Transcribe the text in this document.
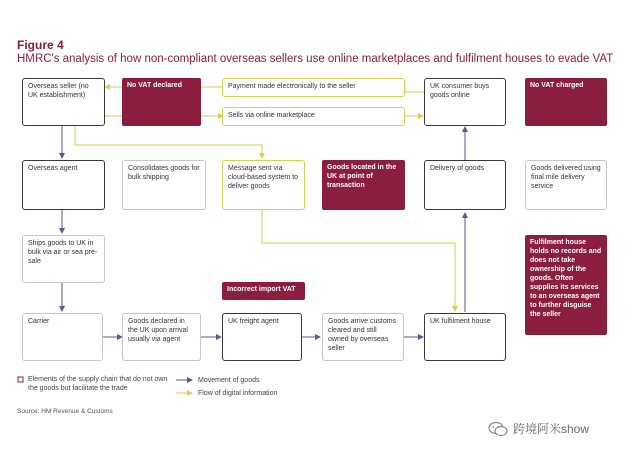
Figure 4
HMRC's analysis of how non-compliant overseas sellers use online marketplaces and fulfilment houses to evade VAT
Overseas seller (no UK establishment)
No VAT declared	Payment made electronically to the seller
Sells via online marketplace
UK consumer buys goods online
No VAT charged
Overseas agent	Consolidates goods for bulk shipping
Message sent via cloud-based system to deliver goods
Goods located in the UK at point of transaction
Delivery of goods	Goods delivered using final mile delivery service
Ships goods to UK in bulk via air or sea pre-sale
Fulfilment house holds no records and does not take ownership of the goods. Often supplies its services to an overseas agent to further disguise the seller
Incorrect import VAT
Carrier	Goods declared in the UK upon arrival usually via agent
UK freight agent	Goods arrive customs cleared and still owned by overseas seller
UK fulfilment house
Elements of the supply chain that do not own the goods but facilitate the trade
Movement of goods
Flow of digital information
Source: HM Revenue & Customs
跨境阿米show
